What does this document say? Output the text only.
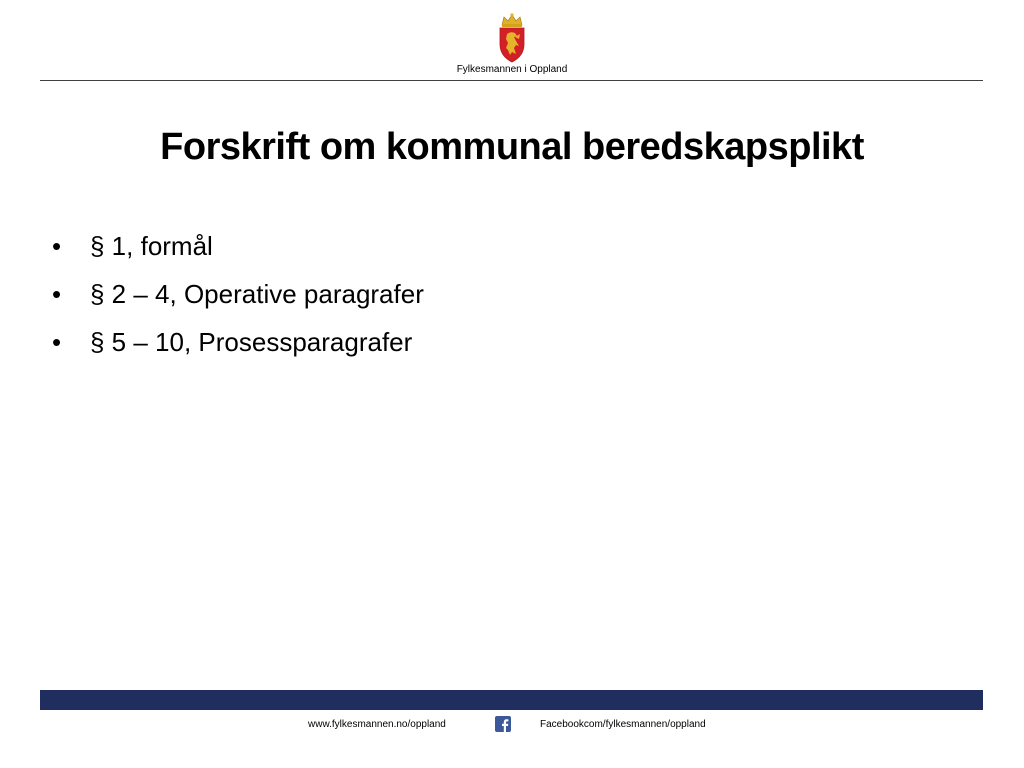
Fylkesmannen i Oppland

Forskrift om kommunal beredskapsplikt
• § 1, formål
• § 2 – 4, Operative paragrafer
• § 5 – 10, Prosessparagrafer
www.fylkesmannen.no/oppland	Facebookcom/fylkesmannen/oppland
